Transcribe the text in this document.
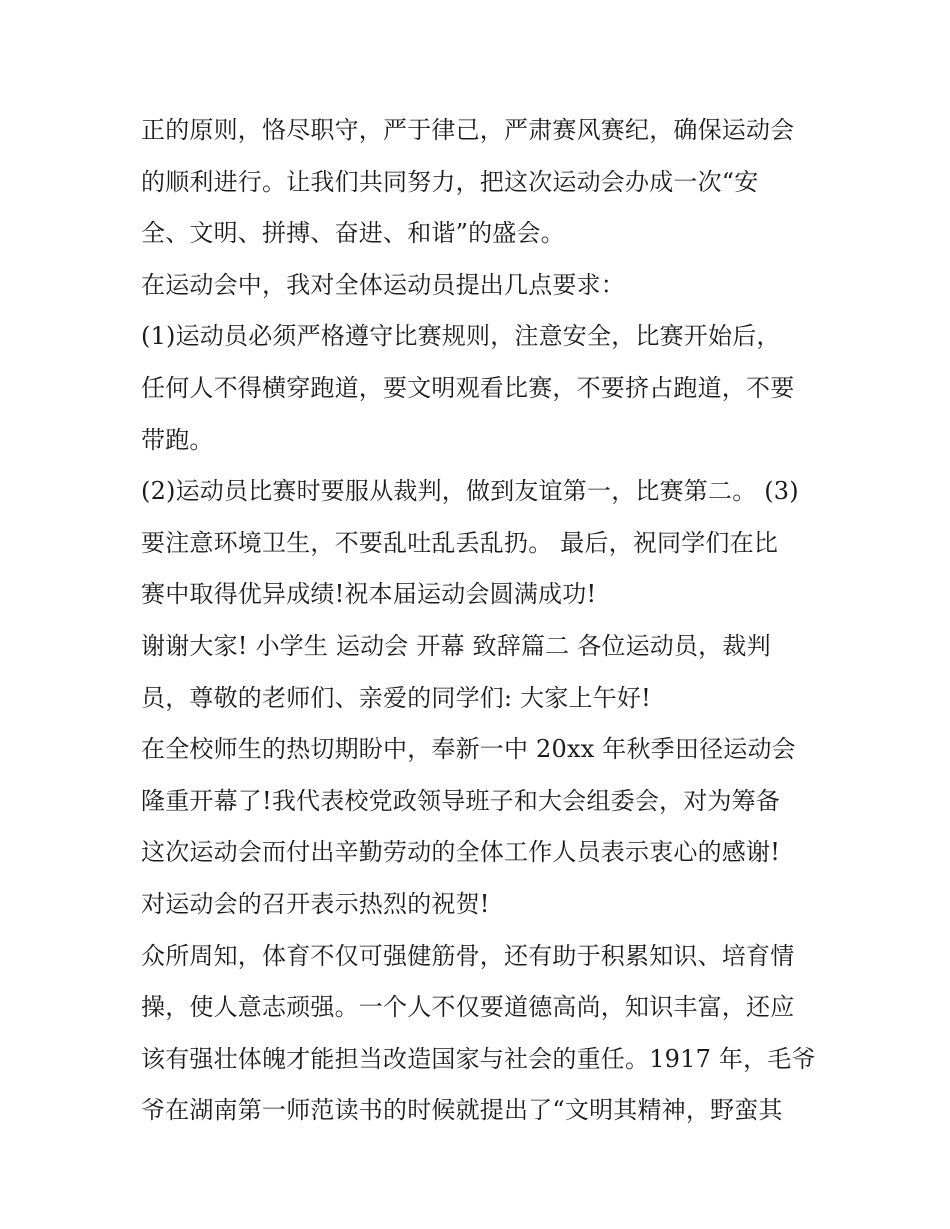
正的原则，恪尽职守，严于律己，严肃赛风赛纪，确保运动会
的顺利进行。让我们共同努力，把这次运动会办成一次“安
全、文明、拼搏、奋进、和谐”的盛会。
在运动会中，我对全体运动员提出几点要求：
(1)运动员必须严格遵守比赛规则，注意安全，比赛开始后，
任何人不得横穿跑道，要文明观看比赛，不要挤占跑道，不要
带跑。
(2)运动员比赛时要服从裁判，做到友谊第一，比赛第二。 (3)
要注意环境卫生，不要乱吐乱丢乱扔。 最后，祝同学们在比
赛中取得优异成绩!祝本届运动会圆满成功!
谢谢大家! 小学生 运动会 开幕 致辞篇二 各位运动员，裁判
员，尊敬的老师们、亲爱的同学们: 大家上午好!
在全校师生的热切期盼中，奉新一中 20xx 年秋季田径运动会
隆重开幕了!我代表校党政领导班子和大会组委会，对为筹备
这次运动会而付出辛勤劳动的全体工作人员表示衷心的感谢!
对运动会的召开表示热烈的祝贺!
众所周知，体育不仅可强健筋骨，还有助于积累知识、培育情
操，使人意志顽强。一个人不仅要道德高尚，知识丰富，还应
该有强壮体魄才能担当改造国家与社会的重任。1917 年，毛爷
爷在湖南第一师范读书的时候就提出了“文明其精神，野蛮其
